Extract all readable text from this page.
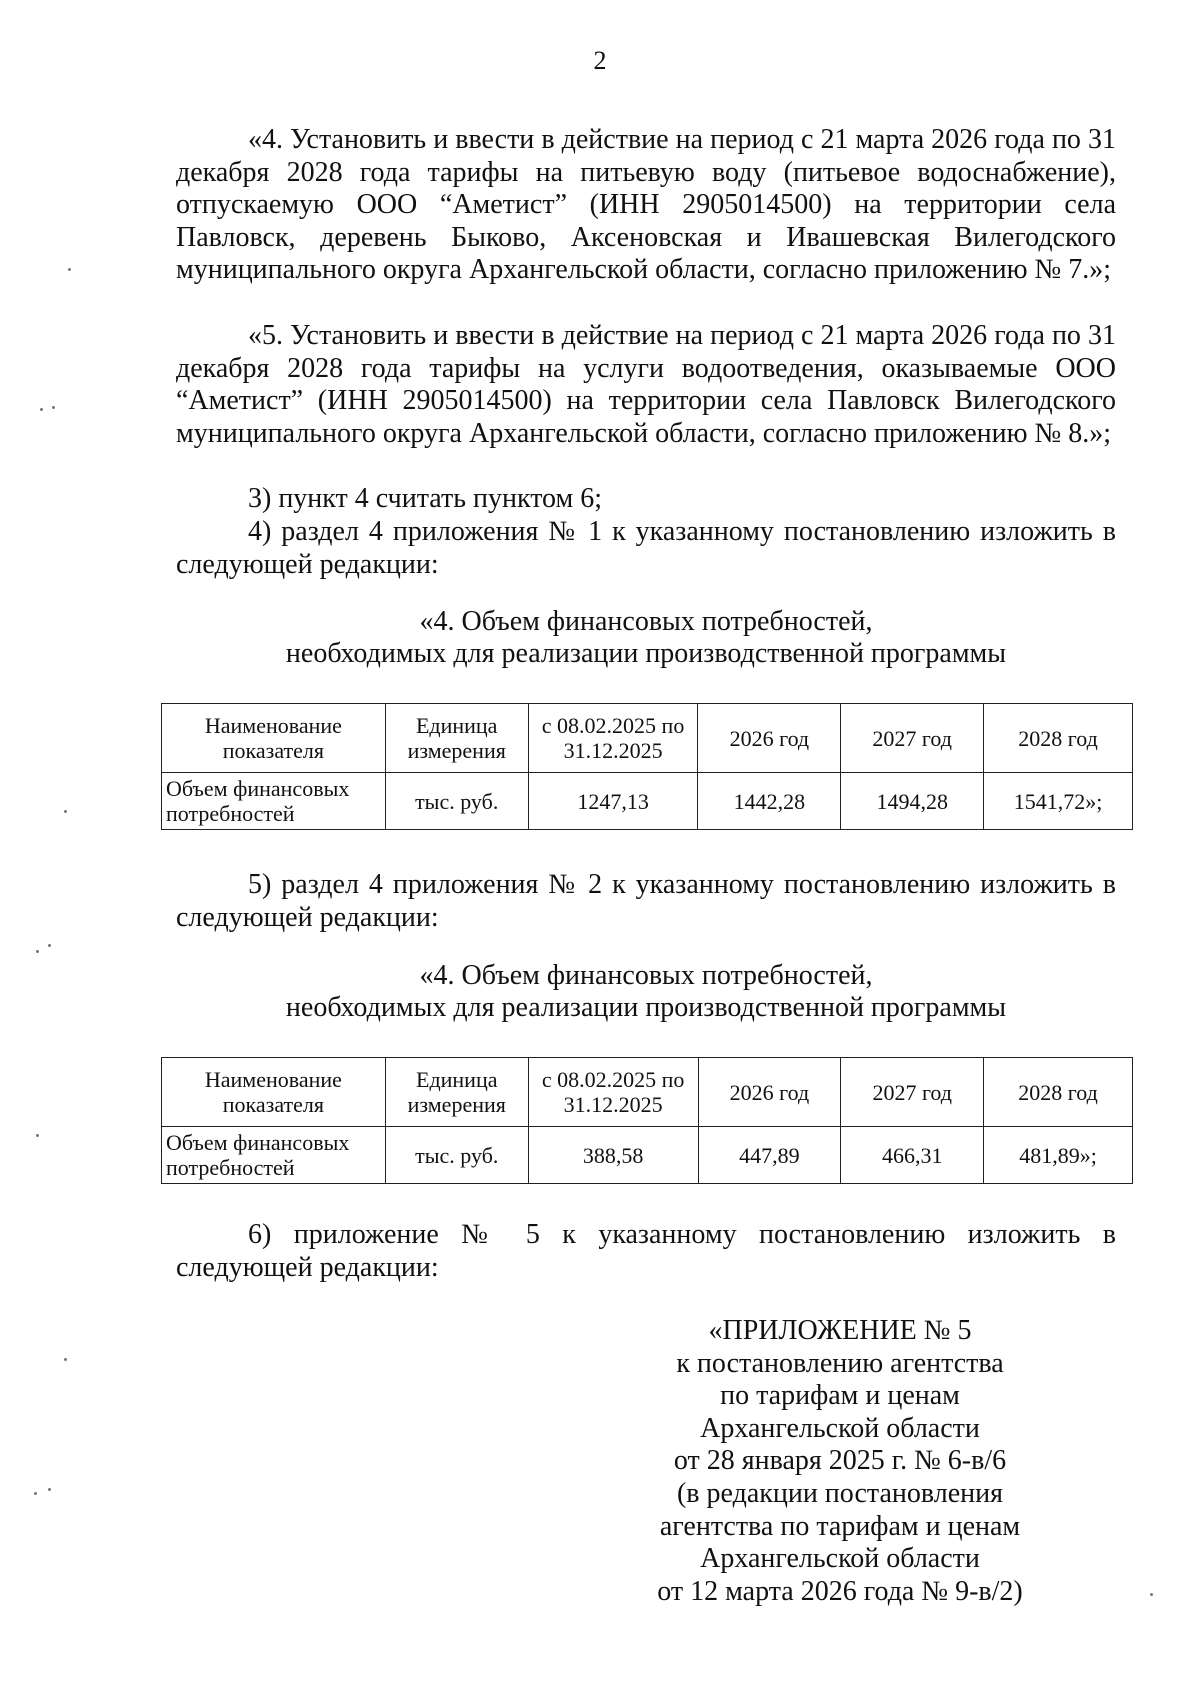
2

«4. Установить и ввести в действие на период с 21 марта 2026 года по 31 декабря 2028 года тарифы на питьевую воду (питьевое водоснабжение), отпускаемую ООО “Аметист” (ИНН 2905014500) на территории села Павловск, деревень Быково, Аксеновская и Ивашевская Вилегодского муниципального округа Архангельской области, согласно приложению № 7.»;

«5. Установить и ввести в действие на период с 21 марта 2026 года по 31 декабря 2028 года тарифы на услуги водоотведения, оказываемые ООО “Аметист” (ИНН 2905014500) на территории села Павловск Вилегодского муниципального округа Архангельской области, согласно приложению № 8.»;

3) пункт 4 считать пунктом 6;

4) раздел 4 приложения № 1 к указанному постановлению изложить в следующей редакции:

«4. Объем финансовых потребностей,
необходимых для реализации производственной программы
Наименование показателя	Единица измерения	с 08.02.2025 по 31.12.2025	2026 год	2027 год	2028 год
Объем финансовых потребностей	тыс. руб.	1247,13	1442,28	1494,28	1541,72»;

5) раздел 4 приложения № 2 к указанному постановлению изложить в следующей редакции:

«4. Объем финансовых потребностей,
необходимых для реализации производственной программы
Наименование показателя	Единица измерения	с 08.02.2025 по 31.12.2025	2026 год	2027 год	2028 год
Объем финансовых потребностей	тыс. руб.	388,58	447,89	466,31	481,89»;

6) приложение № 5 к указанному постановлению изложить в следующей редакции:

«ПРИЛОЖЕНИЕ № 5
к постановлению агентства
по тарифам и ценам
Архангельской области
от 28 января 2025 г. № 6-в/6
(в редакции постановления
агентства по тарифам и ценам
Архангельской области
от 12 марта 2026 года № 9-в/2)
